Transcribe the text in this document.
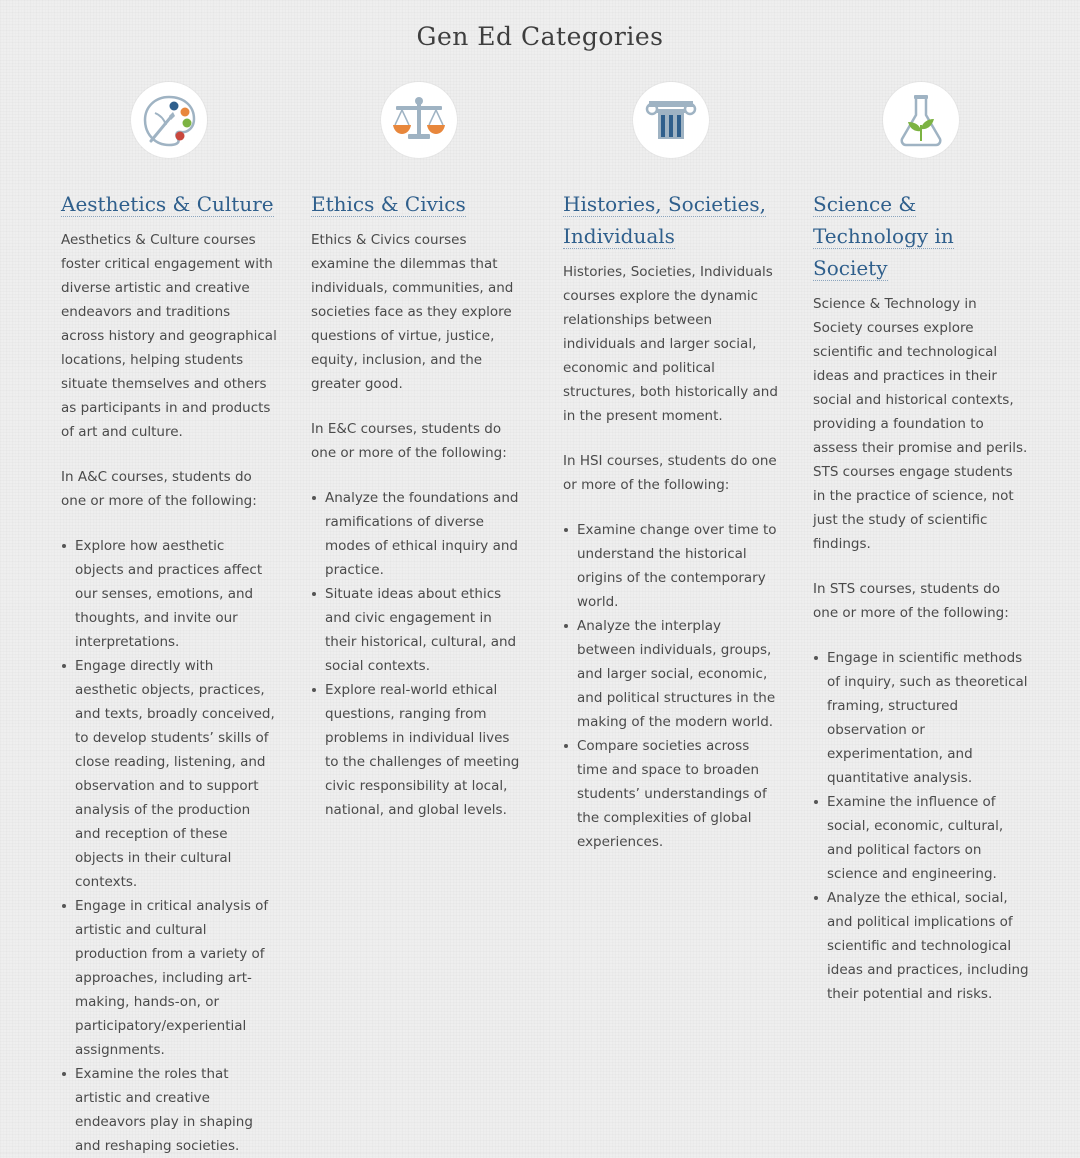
Gen Ed Categories
Aesthetics & Culture

Aesthetics & Culture courses foster critical engagement with diverse artistic and creative endeavors and traditions across history and geographical locations, helping students situate themselves and others as participants in and products of art and culture.

In A&C courses, students do one or more of the following:

Explore how aesthetic objects and practices affect our senses, emotions, and thoughts, and invite our interpretations.
Engage directly with aesthetic objects, practices, and texts, broadly conceived, to develop students’ skills of close reading, listening, and observation and to support analysis of the production and reception of these objects in their cultural contexts.
Engage in critical analysis of artistic and cultural production from a variety of approaches, including art-making, hands-on, or participatory/experiential assignments.
Examine the roles that artistic and creative endeavors play in shaping and reshaping societies.
Ethics & Civics

Ethics & Civics courses examine the dilemmas that individuals, communities, and societies face as they explore questions of virtue, justice, equity, inclusion, and the greater good.

In E&C courses, students do one or more of the following:

Analyze the foundations and ramifications of diverse modes of ethical inquiry and practice.
Situate ideas about ethics and civic engagement in their historical, cultural, and social contexts.
Explore real-world ethical questions, ranging from problems in individual lives to the challenges of meeting civic responsibility at local, national, and global levels.
Histories, Societies, Individuals

Histories, Societies, Individuals courses explore the dynamic relationships between individuals and larger social, economic and political structures, both historically and in the present moment.

In HSI courses, students do one or more of the following:

Examine change over time to understand the historical origins of the contemporary world.
Analyze the interplay between individuals, groups, and larger social, economic, and political structures in the making of the modern world.
Compare societies across time and space to broaden students’ understandings of the complexities of global experiences.
Science & Technology in Society

Science & Technology in Society courses explore scientific and technological ideas and practices in their social and historical contexts, providing a foundation to assess their promise and perils. STS courses engage students in the practice of science, not just the study of scientific findings.

In STS courses, students do one or more of the following:

Engage in scientific methods of inquiry, such as theoretical framing, structured observation or experimentation, and quantitative analysis.
Examine the influence of social, economic, cultural, and political factors on science and engineering.
Analyze the ethical, social, and political implications of scientific and technological ideas and practices, including their potential and risks.
